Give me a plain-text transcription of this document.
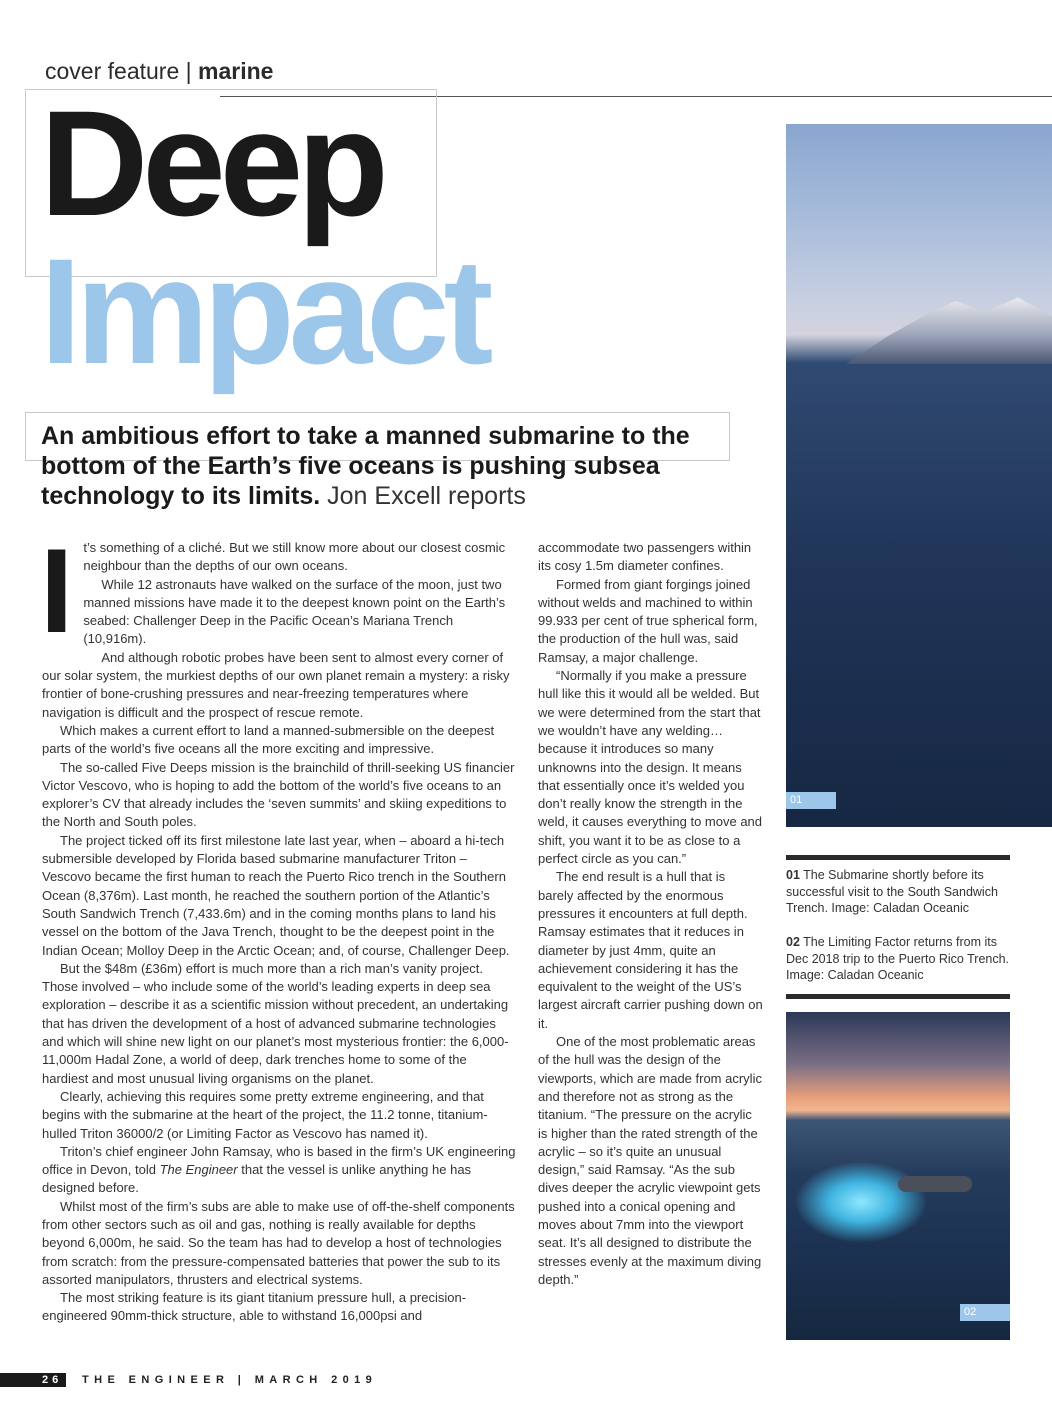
cover feature | marine
Deep
Impact
An ambitious effort to take a manned submarine to the bottom of the Earth’s five oceans is pushing subsea technology to its limits. Jon Excell reports
I t’s something of a cliché. But we still know more about our closest cosmic neighbour than the depths of our own oceans.

While 12 astronauts have walked on the surface of the moon, just two manned missions have made it to the deepest known point on the Earth’s seabed: Challenger Deep in the Pacific Ocean’s Mariana Trench (10,916m).

And although robotic probes have been sent to almost every corner of our solar system, the murkiest depths of our own planet remain a mystery: a risky frontier of bone-crushing pressures and near-freezing temperatures where navigation is difficult and the prospect of rescue remote.

Which makes a current effort to land a manned-submersible on the deepest parts of the world’s five oceans all the more exciting and impressive.

The so-called Five Deeps mission is the brainchild of thrill-seeking US financier Victor Vescovo, who is hoping to add the bottom of the world’s five oceans to an explorer’s CV that already includes the ‘seven summits’ and skiing expeditions to the North and South poles.

The project ticked off its first milestone late last year, when – aboard a hi-tech submersible developed by Florida based submarine manufacturer Triton – Vescovo became the first human to reach the Puerto Rico trench in the Southern Ocean (8,376m). Last month, he reached the southern portion of the Atlantic’s South Sandwich Trench (7,433.6m) and in the coming months plans to land his vessel on the bottom of the Java Trench, thought to be the deepest point in the Indian Ocean; Molloy Deep in the Arctic Ocean; and, of course, Challenger Deep.

But the $48m (£36m) effort is much more than a rich man’s vanity project. Those involved – who include some of the world’s leading experts in deep sea exploration – describe it as a scientific mission without precedent, an undertaking that has driven the development of a host of advanced submarine technologies and which will shine new light on our planet’s most mysterious frontier: the 6,000-11,000m Hadal Zone, a world of deep, dark trenches home to some of the hardiest and most unusual living organisms on the planet.

Clearly, achieving this requires some pretty extreme engineering, and that begins with the submarine at the heart of the project, the 11.2 tonne, titanium-hulled Triton 36000/2 (or Limiting Factor as Vescovo has named it).

Triton’s chief engineer John Ramsay, who is based in the firm’s UK engineering office in Devon, told The Engineer that the vessel is unlike anything he has designed before.

Whilst most of the firm’s subs are able to make use of off-the-shelf components from other sectors such as oil and gas, nothing is really available for depths beyond 6,000m, he said. So the team has had to develop a host of technologies from scratch: from the pressure-compensated batteries that power the sub to its assorted manipulators, thrusters and electrical systems.

The most striking feature is its giant titanium pressure hull, a precision-engineered 90mm-thick structure, able to withstand 16,000psi and

accommodate two passengers within its cosy 1.5m diameter confines.

Formed from giant forgings joined without welds and machined to within 99.933 per cent of true spherical form, the production of the hull was, said Ramsay, a major challenge.

“Normally if you make a pressure hull like this it would all be welded. But we were determined from the start that we wouldn’t have any welding… because it introduces so many unknowns into the design. It means that essentially once it’s welded you don’t really know the strength in the weld, it causes everything to move and shift, you want it to be as close to a perfect circle as you can.”

The end result is a hull that is barely affected by the enormous pressures it encounters at full depth. Ramsay estimates that it reduces in diameter by just 4mm, quite an achievement considering it has the equivalent to the weight of the US’s largest aircraft carrier pushing down on it.

One of the most problematic areas of the hull was the design of the viewports, which are made from acrylic and therefore not as strong as the titanium. “The pressure on the acrylic is higher than the rated strength of the acrylic – so it’s quite an unusual design,” said Ramsay. “As the sub dives deeper the acrylic viewpoint gets pushed into a conical opening and moves about 7mm into the viewport seat. It’s all designed to distribute the stresses evenly at the maximum diving depth.”

01
01 The Submarine shortly before its successful visit to the South Sandwich Trench. Image: Caladan Oceanic
02 The Limiting Factor returns from its Dec 2018 trip to the Puerto Rico Trench. Image: Caladan Oceanic
02
26 THE ENGINEER | MARCH 2019
